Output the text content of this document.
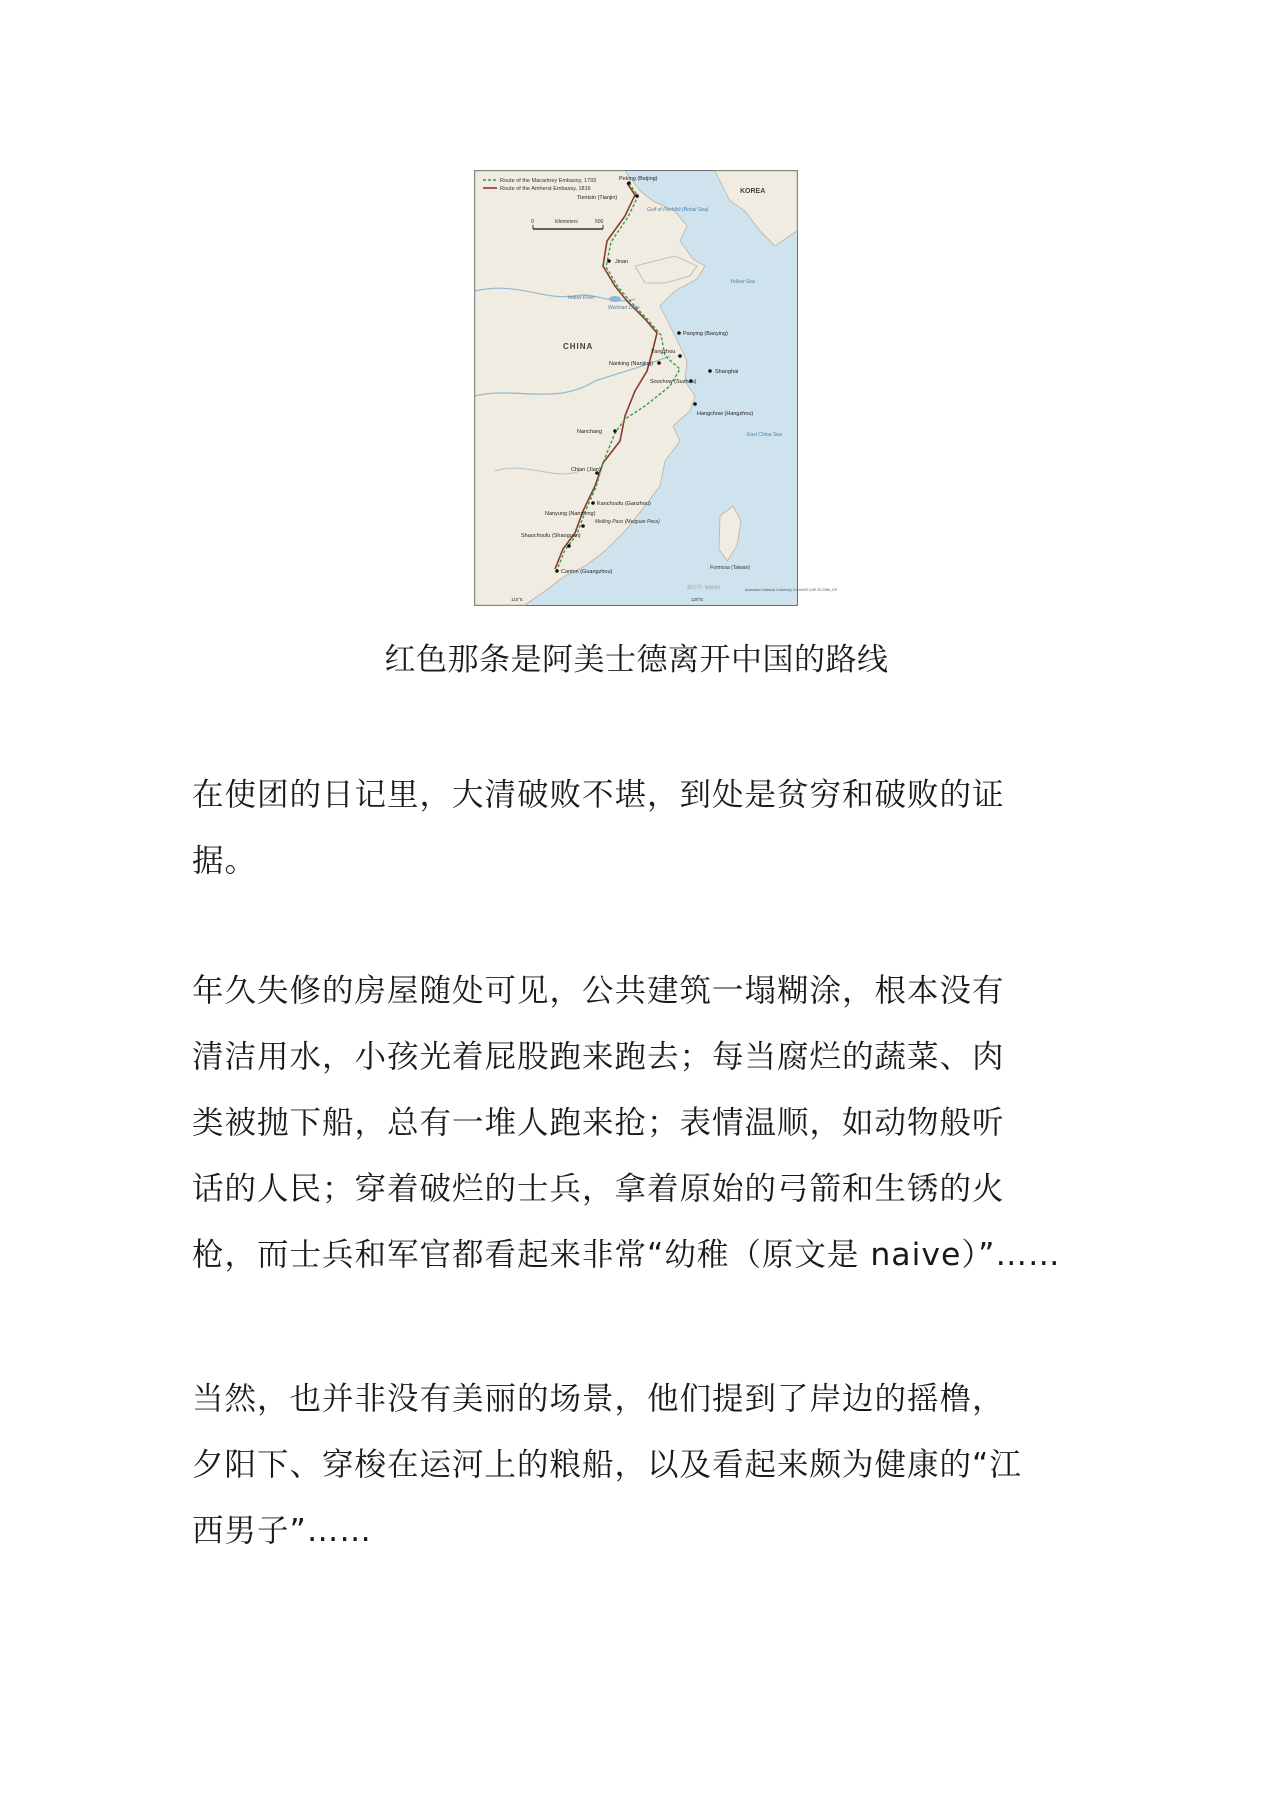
Route of the Macartney Embassy, 1793
Route of the Amherst Embassy, 1816
0	kilometers	500
CHINA
KOREA
Gulf of Pechihli (Bohai Sea)
Yellow Sea
East China Sea
Yellow River
Weishan Lake
Formosa (Taiwan)
Meiling Pass (Meiguan Pass)
Peking (Beijing)
Tientsin (Tianjin)
Jinan
Paoying (Baoying)
Yangzhou
Nanking (Nanjing)
Shanghai
Soochow (Suzhou)
Hangchow (Hangzhou)
Nanchang
Chian (Jian)
Kanchoufu (Ganzhou)
Nanyung (Nanxiong)
Shaochoufu (Shaoguan)
Canton (Guangzhou)
115°E	120°E
Australian National University CartoGIS CAP 20-298e_KP
微信号: lishizhi
红色那条是阿美士德离开中国的路线
在使团的日记里，大清破败不堪，到处是贫穷和破败的证
据。
年久失修的房屋随处可见，公共建筑一塌糊涂，根本没有
清洁用水，小孩光着屁股跑来跑去；每当腐烂的蔬菜、肉
类被抛下船，总有一堆人跑来抢；表情温顺，如动物般听
话的人民；穿着破烂的士兵，拿着原始的弓箭和生锈的火
枪，而士兵和军官都看起来非常“幼稚（原文是 naive）”……
当然，也并非没有美丽的场景，他们提到了岸边的摇橹，
夕阳下、穿梭在运河上的粮船，以及看起来颇为健康的“江
西男子”……
